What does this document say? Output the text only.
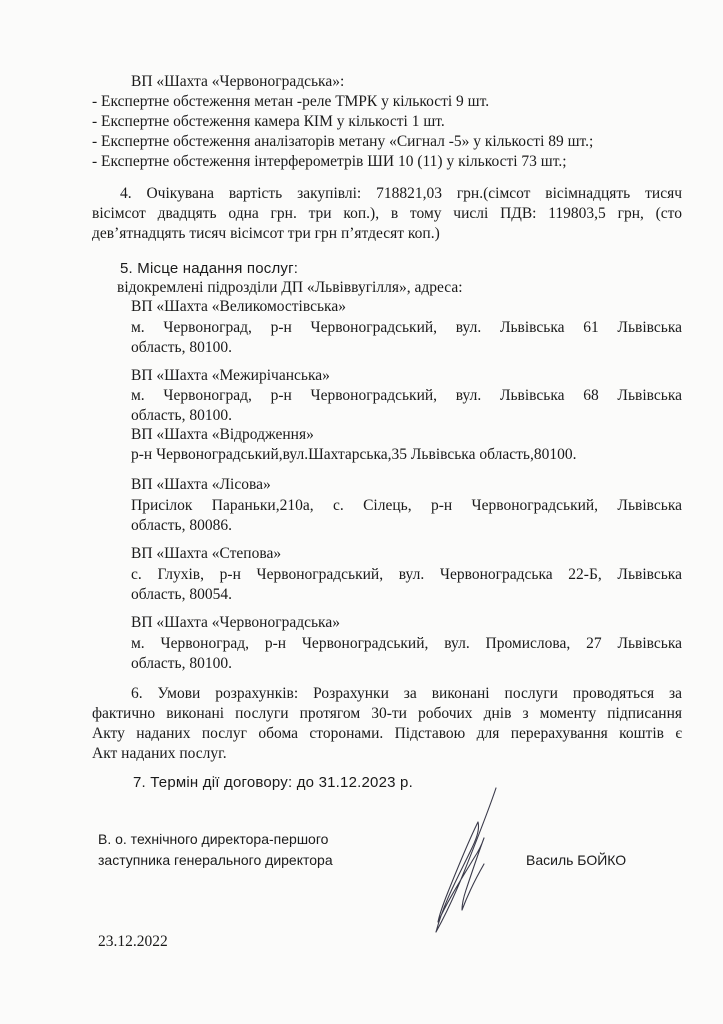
ВП «Шахта «Червоноградська»:
- Експертне обстеження метан -реле ТМРК у кількості 9 шт.
- Експертне обстеження камера КІМ у кількості 1 шт.
- Експертне обстеження аналізаторів метану «Сигнал -5» у кількості 89 шт.;
- Експертне обстеження інтерферометрів ШИ 10 (11) у кількості 73 шт.;
4. Очікувана вартість закупівлі: 718821,03 грн.(сімсот вісімнадцять тисяч
вісімсот двадцять одна грн. три коп.), в тому числі ПДВ: 119803,5 грн, (сто
дев’ятнадцять тисяч вісімсот три грн п’ятдесят коп.)
5. Місце надання послуг:
відокремлені підрозділи ДП «Львіввугілля», адреса:
ВП «Шахта «Великомостівська»
м. Червоноград, р-н Червоноградський, вул. Львівська 61 Львівська
область, 80100.
ВП «Шахта «Межирічанська»
м. Червоноград, р-н Червоноградський, вул. Львівська 68 Львівська
область, 80100.
ВП «Шахта «Відродження»
р-н Червоноградський,вул.Шахтарська,35 Львівська область,80100.
ВП «Шахта «Лісова»
Присілок Параньки,210а, с. Сілець, р-н Червоноградський, Львівська
область, 80086.
ВП «Шахта «Степова»
с. Глухів, р-н Червоноградський, вул. Червоноградська 22-Б, Львівська
область, 80054.
ВП «Шахта «Червоноградська»
м. Червоноград, р-н Червоноградський, вул. Промислова, 27 Львівська
область, 80100.
6. Умови розрахунків: Розрахунки за виконані послуги проводяться за
фактично виконані послуги протягом 30-ти робочих днів з моменту підписання
Акту наданих послуг обома сторонами. Підставою для перерахування коштів є
Акт наданих послуг.
7. Термін дії договору: до 31.12.2023 р.
В. о. технічного директора-першого
заступника генерального директора	Василь БОЙКО
23.12.2022
